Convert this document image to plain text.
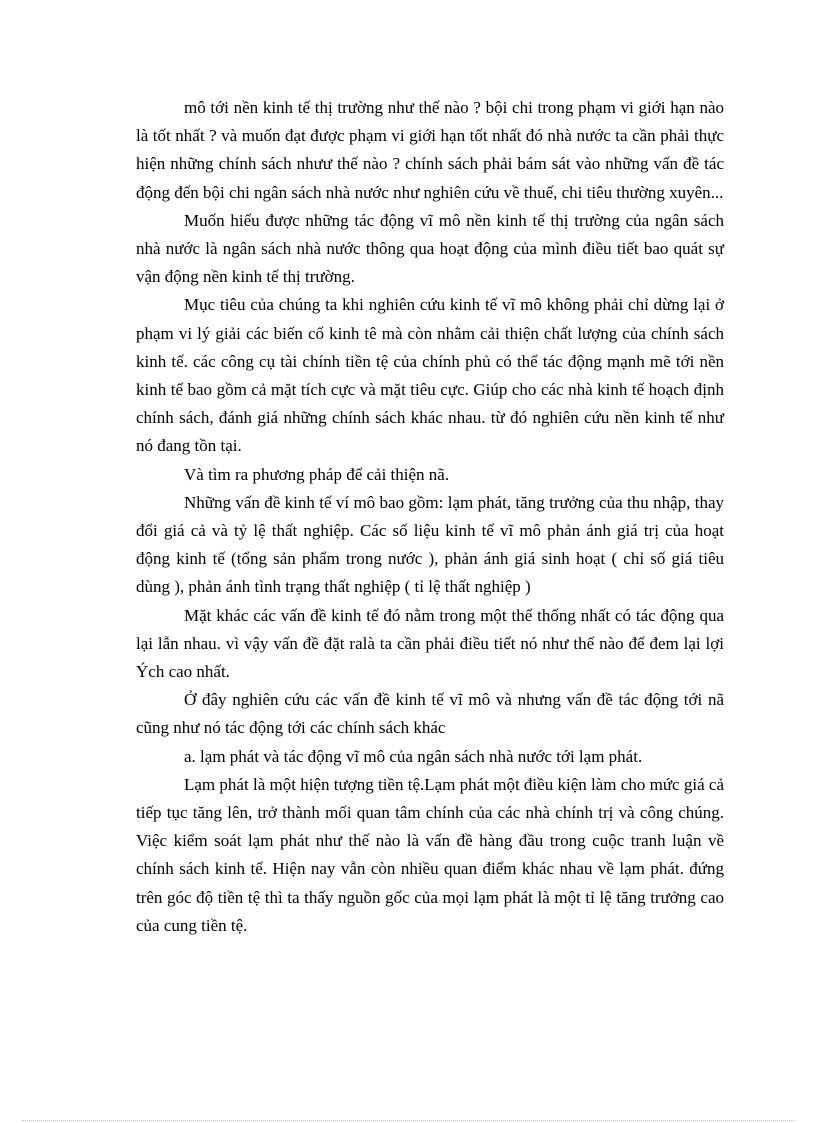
mô tới nền kinh tế thị trường như thế nào ? bội chi trong phạm vi giới hạn nào là tốt nhất ? và muốn đạt được phạm vi giới hạn tốt nhất đó nhà nước ta cần phải thực hiện những chính sách nhưư thế nào ? chính sách phải bám sát vào những vấn đề tác động đến bội chi ngân sách nhà nước như nghiên cứu về thuế, chi tiêu thường xuyên...

Muốn hiểu được những tác động vĩ mô nền kinh tế thị trường của ngân sách nhà nước là ngân sách nhà nước thông qua hoạt động của mình điều tiết bao quát sự vận động nền kinh tế thị trường.

Mục tiêu của chúng ta khi nghiên cứu kinh tế vĩ mô không phải chỉ dừng lại ở phạm vi lý giải các biến cố kinh tê mà còn nhằm cải thiện chất lượng của chính sách kinh tế. các công cụ tài chính tiền tệ của chính phủ có thể tác động mạnh mẽ tới nền kinh tế bao gồm cả mặt tích cực và mặt tiêu cực. Giúp cho các nhà kinh tế hoạch định chính sách, đánh giá những chính sách khác nhau. từ đó nghiên cứu nền kinh tế như nó đang tồn tại.

Và tìm ra phương pháp để cải thiện nã.

Những vấn đề kinh tế ví mô bao gồm: lạm phát, tăng trưởng của thu nhập, thay đổi giá cả và tỷ lệ thất nghiệp. Các số liệu kinh tế vĩ mô phản ánh giá trị của hoạt động kinh tế (tổng sản phẩm trong nước ), phản ánh giá sinh hoạt ( chỉ số giá tiêu dùng ), phản ánh tình trạng thất nghiệp ( tỉ lệ thất nghiệp )

Mặt khác các vấn đề kinh tế đó nằm trong một thể thống nhất có tác động qua lại lẫn nhau. vì vậy vấn đề đặt ralà ta cần phải điều tiết nó như thế nào để đem lại lợi Ých cao nhất.

Ở đây nghiên cứu các vấn đề kinh tế vĩ mô và nhưng vấn đề tác động tới nã cũng như nó tác động tới các chính sách khác

a. lạm phát và tác động vĩ mô của ngân sách nhà nước tới lạm phát.

Lạm phát là một hiện tượng tiền tệ.Lạm phát một điều kiện làm cho mức giá cả tiếp tục tăng lên, trở thành mối quan tâm chính của các nhà chính trị và công chúng. Việc kiểm soát lạm phát như thế nào là vấn đề hàng đầu trong cuộc tranh luận về chính sách kinh tế. Hiện nay vẫn còn nhiều quan điểm khác nhau về lạm phát. đứng trên góc độ tiền tệ thì ta thấy nguồn gốc của mọi lạm phát là một tỉ lệ tăng trưởng cao của cung tiền tệ.
